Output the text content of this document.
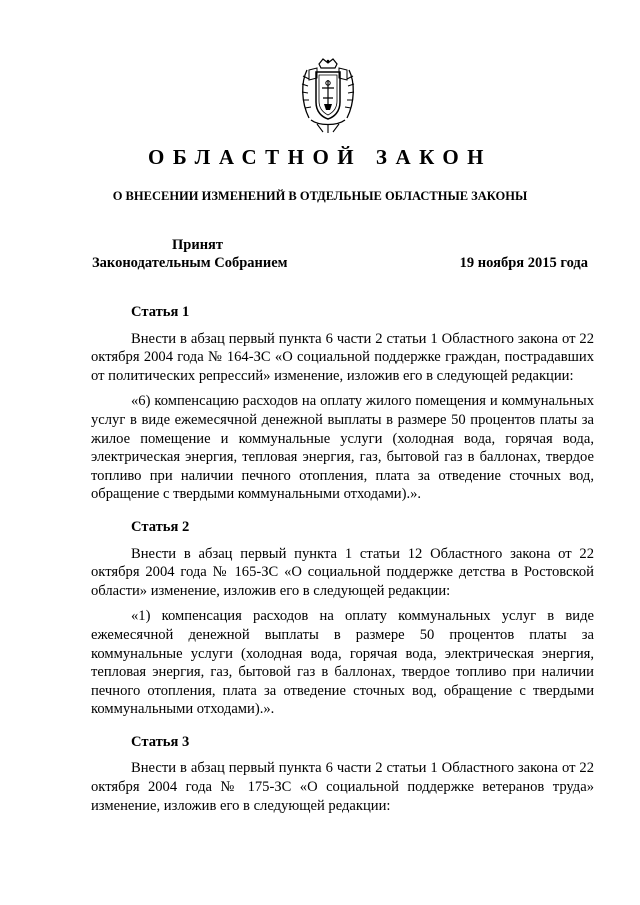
ОБЛАСТНОЙ ЗАКОН
О ВНЕСЕНИИ ИЗМЕНЕНИЙ В ОТДЕЛЬНЫЕ ОБЛАСТНЫЕ ЗАКОНЫ
Принят
Законодательным Собранием	19 ноября 2015 года

Статья 1

Внести в абзац первый пункта 6 части 2 статьи 1 Областного закона от 22 октября 2004 года № 164-ЗС «О социальной поддержке граждан, пострадавших от политических репрессий» изменение, изложив его в следующей редакции:

«6) компенсацию расходов на оплату жилого помещения и коммунальных услуг в виде ежемесячной денежной выплаты в размере 50 процентов платы за жилое помещение и коммунальные услуги (холодная вода, горячая вода, электрическая энергия, тепловая энергия, газ, бытовой газ в баллонах, твердое топливо при наличии печного отопления, плата за отведение сточных вод, обращение с твердыми коммунальными отходами).».

Статья 2

Внести в абзац первый пункта 1 статьи 12 Областного закона от 22 октября 2004 года № 165-ЗС «О социальной поддержке детства в Ростовской области» изменение, изложив его в следующей редакции:

«1) компенсация расходов на оплату коммунальных услуг в виде ежемесячной денежной выплаты в размере 50 процентов платы за коммунальные услуги (холодная вода, горячая вода, электрическая энергия, тепловая энергия, газ, бытовой газ в баллонах, твердое топливо при наличии печного отопления, плата за отведение сточных вод, обращение с твердыми коммунальными отходами).».

Статья 3

Внести в абзац первый пункта 6 части 2 статьи 1 Областного закона от 22 октября 2004 года № 175-ЗС «О социальной поддержке ветеранов труда» изменение, изложив его в следующей редакции:
